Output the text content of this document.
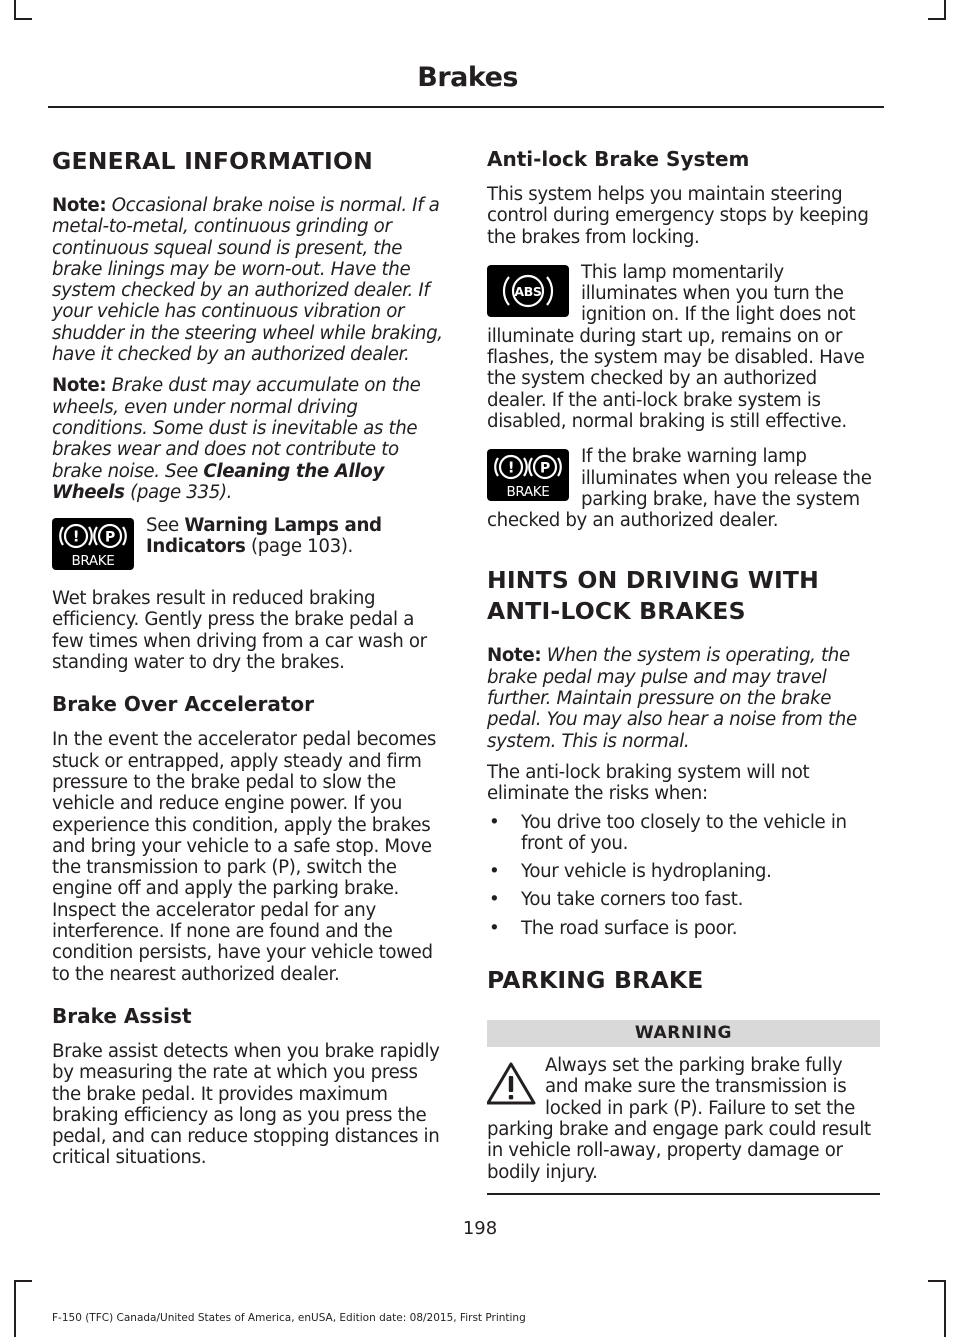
Brakes
GENERAL INFORMATION

Note: Occasional brake noise is normal. If a metal-to-metal, continuous grinding or continuous squeal sound is present, the brake linings may be worn-out. Have the system checked by an authorized dealer. If your vehicle has continuous vibration or shudder in the steering wheel while braking, have it checked by an authorized dealer.

Note: Brake dust may accumulate on the wheels, even under normal driving conditions. Some dust is inevitable as the brakes wear and does not contribute to brake noise. See Cleaning the Alloy Wheels (page 335).

! P
BRAKE

See Warning Lamps and Indicators (page 103).

Wet brakes result in reduced braking efficiency. Gently press the brake pedal a few times when driving from a car wash or standing water to dry the brakes.

Brake Over Accelerator

In the event the accelerator pedal becomes stuck or entrapped, apply steady and firm pressure to the brake pedal to slow the vehicle and reduce engine power. If you experience this condition, apply the brakes and bring your vehicle to a safe stop. Move the transmission to park (P), switch the engine off and apply the parking brake. Inspect the accelerator pedal for any interference. If none are found and the condition persists, have your vehicle towed to the nearest authorized dealer.

Brake Assist

Brake assist detects when you brake rapidly by measuring the rate at which you press the brake pedal. It provides maximum braking efficiency as long as you press the pedal, and can reduce stopping distances in critical situations.

Anti-lock Brake System

This system helps you maintain steering control during emergency stops by keeping the brakes from locking.

ABS

This lamp momentarily illuminates when you turn the ignition on. If the light does not illuminate during start up, remains on or flashes, the system may be disabled. Have the system checked by an authorized dealer. If the anti-lock brake system is disabled, normal braking is still effective.

! P
BRAKE

If the brake warning lamp illuminates when you release the parking brake, have the system checked by an authorized dealer.

HINTS ON DRIVING WITH
ANTI-LOCK BRAKES

Note: When the system is operating, the brake pedal may pulse and may travel further. Maintain pressure on the brake pedal. You may also hear a noise from the system. This is normal.

The anti-lock braking system will not eliminate the risks when:

• You drive too closely to the vehicle in front of you.
• Your vehicle is hydroplaning.
• You take corners too fast.
• The road surface is poor.
PARKING BRAKE
WARNING

Always set the parking brake fully and make sure the transmission is locked in park (P). Failure to set the parking brake and engage park could result in vehicle roll-away, property damage or bodily injury.

198
F-150 (TFC) Canada/United States of America, enUSA, Edition date: 08/2015, First Printing
